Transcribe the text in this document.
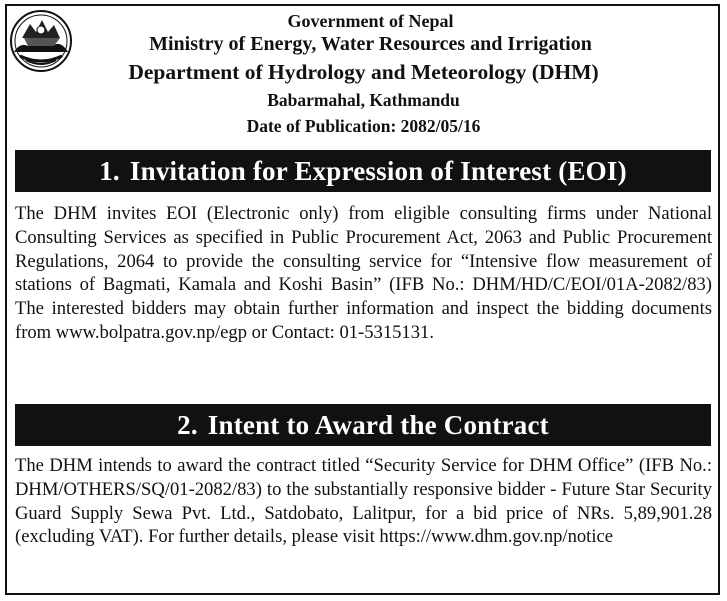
Government of Nepal
Ministry of Energy, Water Resources and Irrigation
Department of Hydrology and Meteorology (DHM)
Babarmahal, Kathmandu
Date of Publication: 2082/05/16
1. Invitation for Expression of Interest (EOI)
The DHM invites EOI (Electronic only) from eligible consulting firms under National Consulting Services as specified in Public Procurement Act, 2063 and Public Procurement Regulations, 2064 to provide the consulting service for “Intensive flow measurement of stations of Bagmati, Kamala and Koshi Basin” (IFB No.: DHM/HD/C/EOI/01A-2082/83) The interested bidders may obtain further information and inspect the bidding documents from www.bolpatra.gov.np/egp or Contact: 01-5315131.
2. Intent to Award the Contract
The DHM intends to award the contract titled “Security Service for DHM Office” (IFB No.: DHM/OTHERS/SQ/01-2082/83) to the substantially responsive bidder - Future Star Security Guard Supply Sewa Pvt. Ltd., Satdobato, Lalitpur, for a bid price of NRs. 5,89,901.28 (excluding VAT). For further details, please visit https://www.dhm.gov.np/notice
